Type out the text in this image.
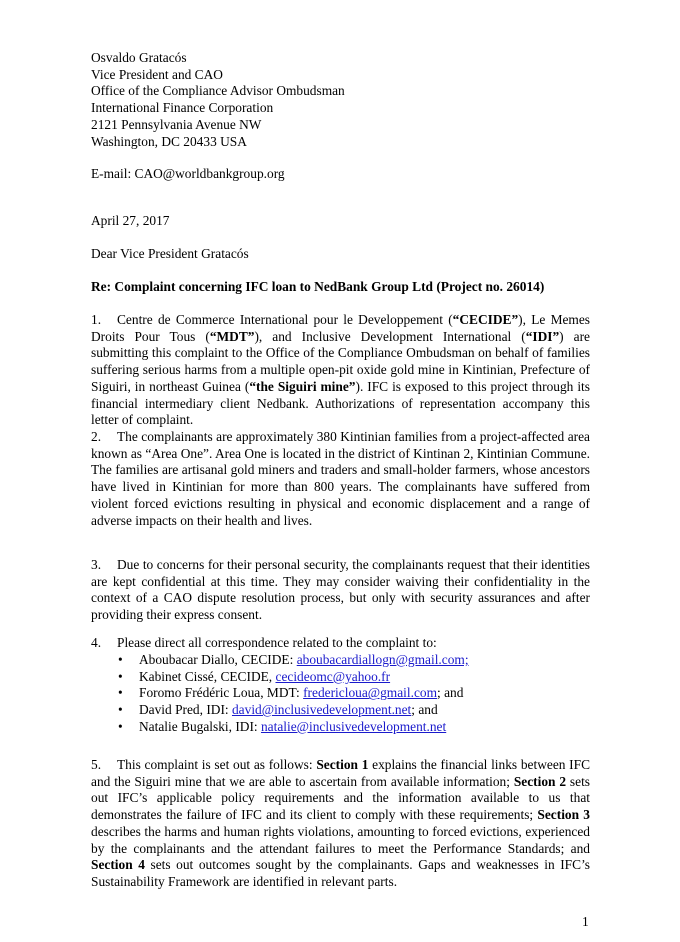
Osvaldo Gratacós
Vice President and CAO
Office of the Compliance Advisor Ombudsman
International Finance Corporation
2121 Pennsylvania Avenue NW
Washington, DC 20433 USA
E-mail: CAO@worldbankgroup.org
April 27, 2017
Dear Vice President Gratacós
Re: Complaint concerning IFC loan to NedBank Group Ltd (Project no. 26014)
1. Centre de Commerce International pour le Developpement (“CECIDE”), Le Memes Droits Pour Tous (“MDT”), and Inclusive Development International (“IDI”) are submitting this complaint to the Office of the Compliance Ombudsman on behalf of families suffering serious harms from a multiple open-pit oxide gold mine in Kintinian, Prefecture of Siguiri, in northeast Guinea (“the Siguiri mine”). IFC is exposed to this project through its financial intermediary client Nedbank. Authorizations of representation accompany this letter of complaint.
2. The complainants are approximately 380 Kintinian families from a project-affected area known as “Area One”. Area One is located in the district of Kintinan 2, Kintinian Commune. The families are artisanal gold miners and traders and small-holder farmers, whose ancestors have lived in Kintinian for more than 800 years. The complainants have suffered from violent forced evictions resulting in physical and economic displacement and a range of adverse impacts on their health and lives.
3. Due to concerns for their personal security, the complainants request that their identities are kept confidential at this time. They may consider waiving their confidentiality in the context of a CAO dispute resolution process, but only with security assurances and after providing their express consent.
4. Please direct all correspondence related to the complaint to:
• Aboubacar Diallo, CECIDE: aboubacardiallogn@gmail.com;
• Kabinet Cissé, CECIDE, cecideomc@yahoo.fr
• Foromo Frédéric Loua, MDT: fredericloua@gmail.com; and
• David Pred, IDI: david@inclusivedevelopment.net; and
• Natalie Bugalski, IDI: natalie@inclusivedevelopment.net
5. This complaint is set out as follows: Section 1 explains the financial links between IFC and the Siguiri mine that we are able to ascertain from available information; Section 2 sets out IFC’s applicable policy requirements and the information available to us that demonstrates the failure of IFC and its client to comply with these requirements; Section 3 describes the harms and human rights violations, amounting to forced evictions, experienced by the complainants and the attendant failures to meet the Performance Standards; and Section 4 sets out outcomes sought by the complainants. Gaps and weaknesses in IFC’s Sustainability Framework are identified in relevant parts.
1
